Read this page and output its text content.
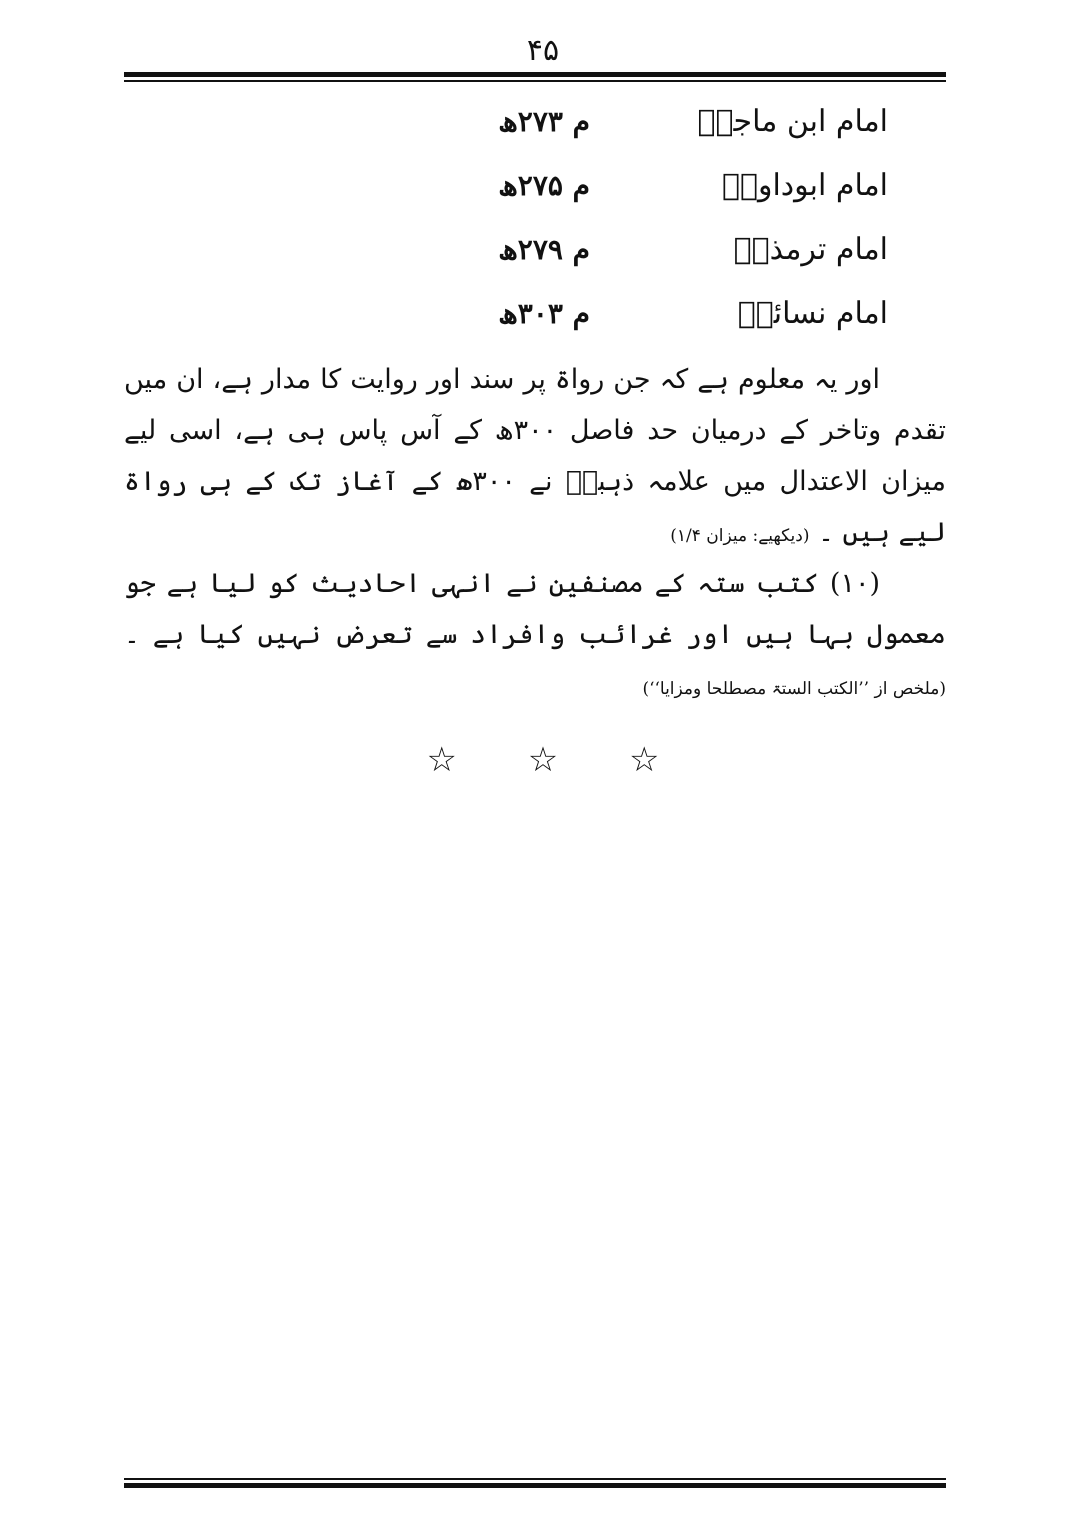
۴۵
امام ابن ماجہؒ
م ۲۷۳ھ
امام ابوداودؒ
م ۲۷۵ھ
امام ترمذیؒ
م ۲۷۹ھ
امام نسائیؒ
م ۳۰۳ھ

اور یہ معلوم ہے کہ جن رواۃ پر سند اور روایت کا مدار ہے، ان میں تقدم وتاخر کے درمیان حد فاصل ۳۰۰ھ کے آس پاس ہی ہے، اسی لیے میزان الاعتدال میں علامہ ذہبیؒ نے ۳۰۰ھ کے آغاز تک کے ہی رواۃ لیے ہیں ۔ (دیکھیے: میزان ۱/۴)

(۱۰) کتب ستہ کے مصنفین نے انہی احادیث کو لیا ہے جو معمول بہا ہیں اور غرائب وافراد سے تعرض نہیں کیا ہے ۔ (ملخص از ’’الکتب الستۃ مصطلحا ومزایا‘‘)

☆ ☆ ☆
